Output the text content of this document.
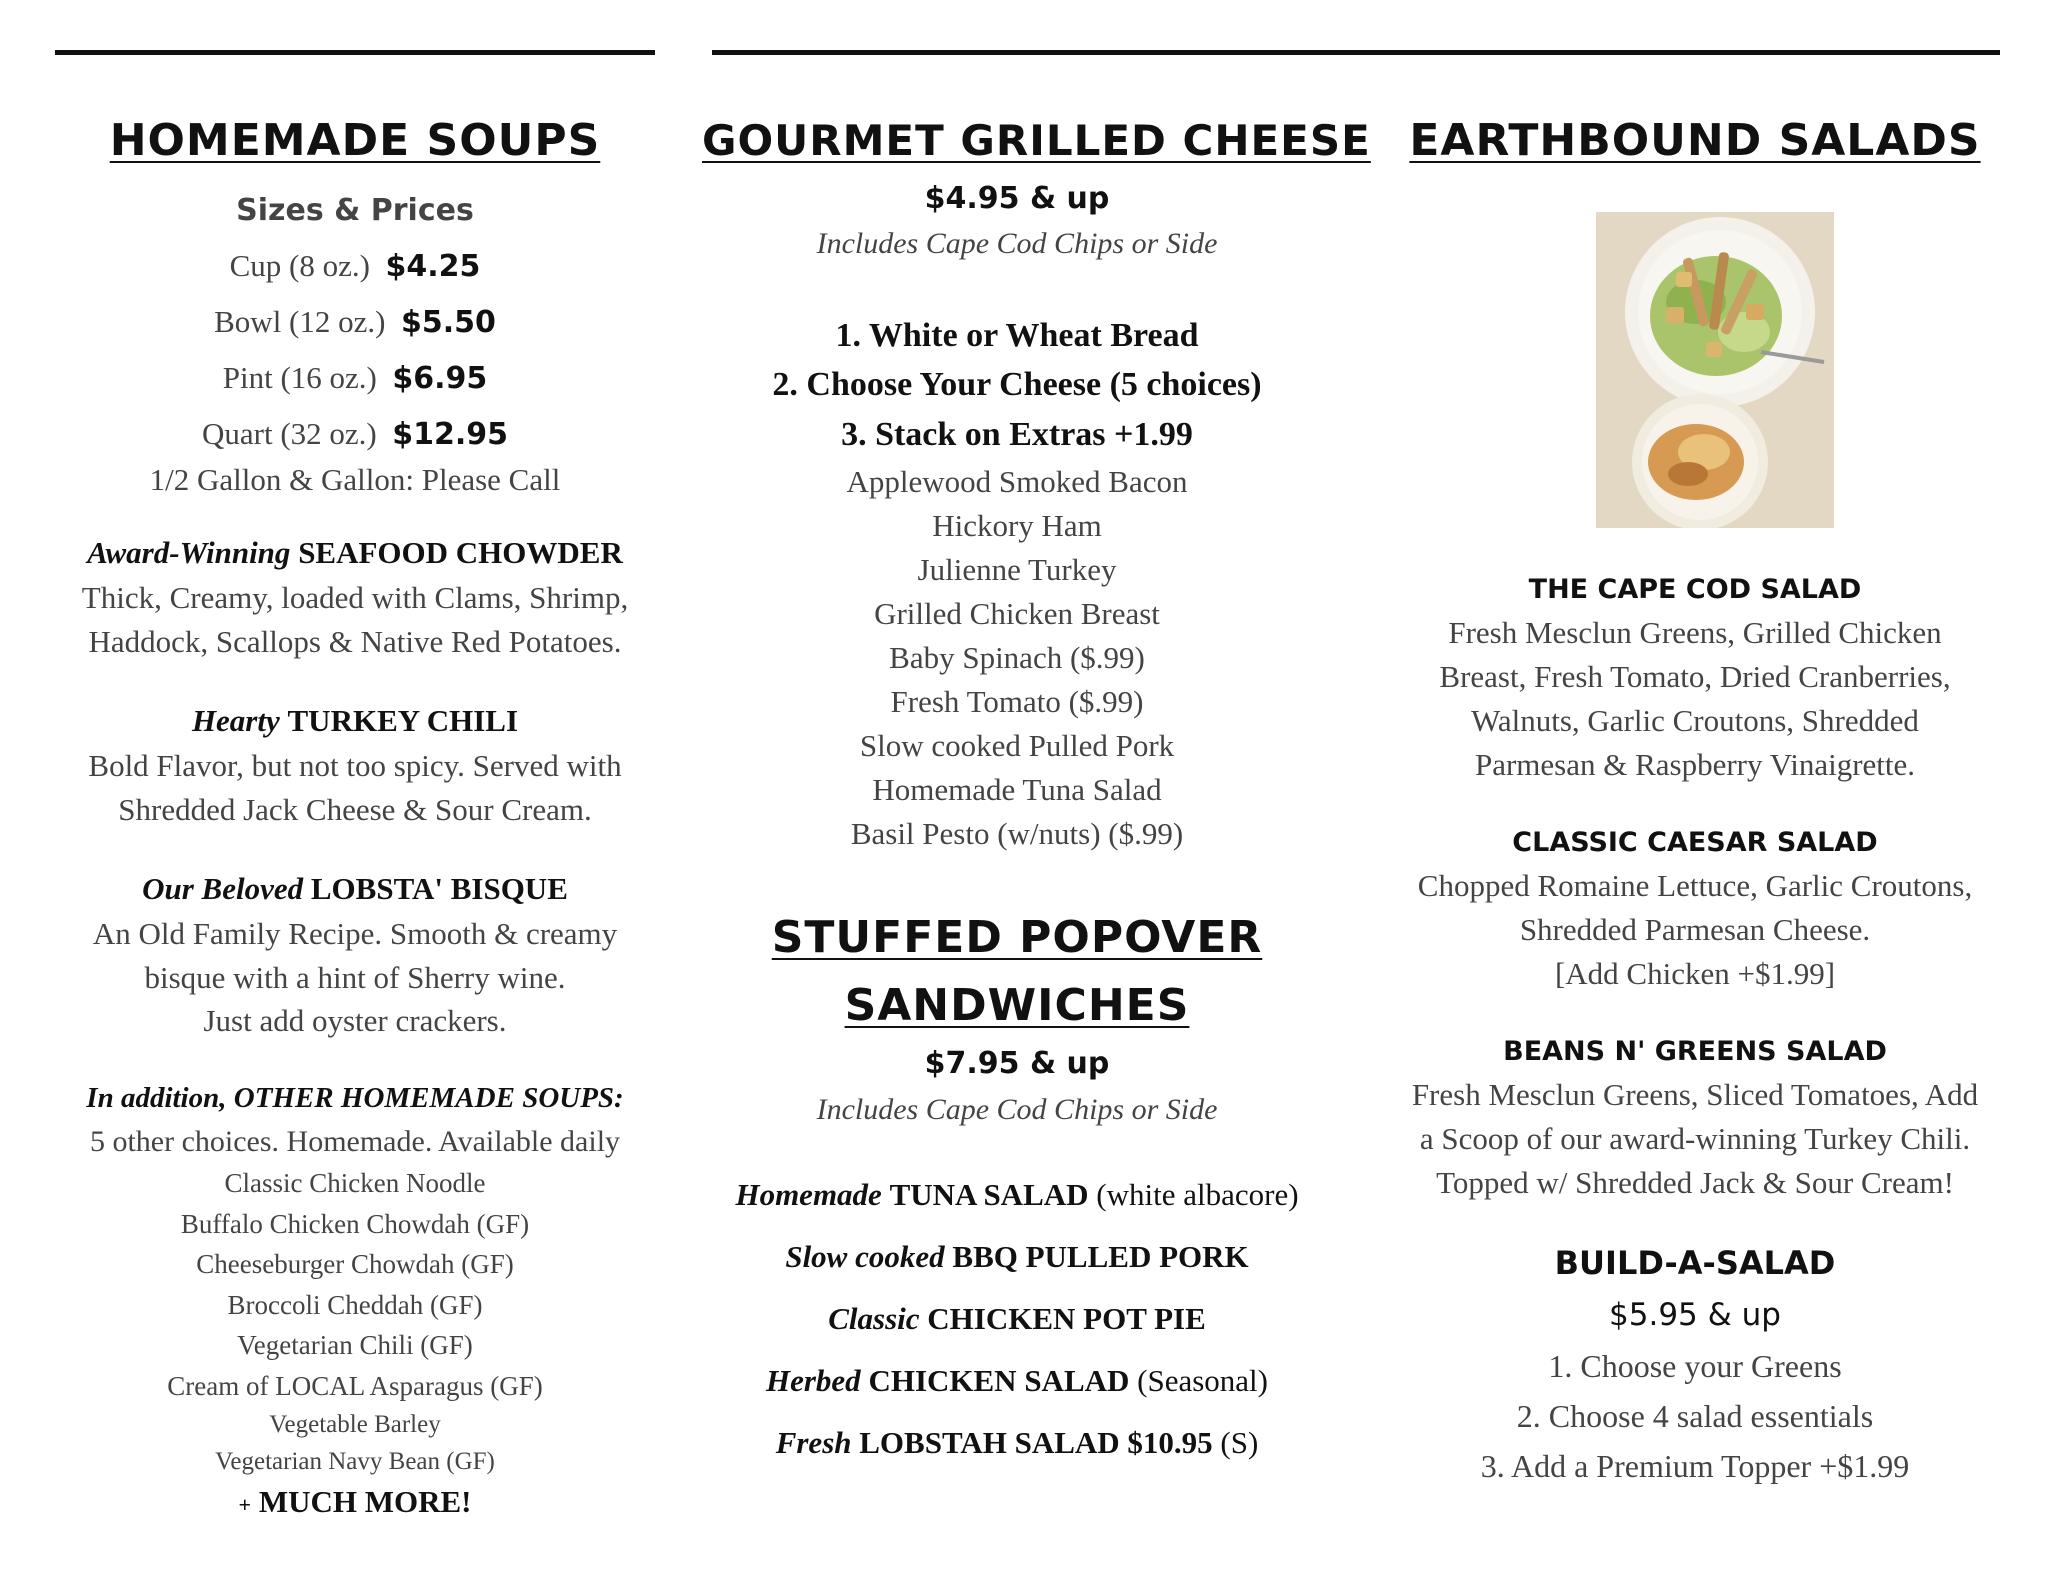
HOMEMADE SOUPS
Sizes & Prices
Cup (8 oz.) $4.25
Bowl (12 oz.) $5.50
Pint (16 oz.) $6.95
Quart (32 oz.) $12.95
1/2 Gallon & Gallon: Please Call
Award-Winning SEAFOOD CHOWDER
Thick, Creamy, loaded with Clams, Shrimp,
Haddock, Scallops & Native Red Potatoes.
Hearty TURKEY CHILI
Bold Flavor, but not too spicy. Served with
Shredded Jack Cheese & Sour Cream.
Our Beloved LOBSTA' BISQUE
An Old Family Recipe. Smooth & creamy
bisque with a hint of Sherry wine.
Just add oyster crackers.
In addition, OTHER HOMEMADE SOUPS:
5 other choices. Homemade. Available daily
Classic Chicken Noodle
Buffalo Chicken Chowdah (GF)
Cheeseburger Chowdah (GF)
Broccoli Cheddah (GF)
Vegetarian Chili (GF)
Cream of LOCAL Asparagus (GF)
Vegetable Barley
Vegetarian Navy Bean (GF)
+ MUCH MORE!
GOURMET GRILLED CHEESE
$4.95 & up
Includes Cape Cod Chips or Side
1. White or Wheat Bread
2. Choose Your Cheese (5 choices)
3. Stack on Extras +1.99
Applewood Smoked Bacon
Hickory Ham
Julienne Turkey
Grilled Chicken Breast
Baby Spinach ($.99)
Fresh Tomato ($.99)
Slow cooked Pulled Pork
Homemade Tuna Salad
Basil Pesto (w/nuts) ($.99)
STUFFED POPOVER
SANDWICHES
$7.95 & up
Includes Cape Cod Chips or Side
Homemade TUNA SALAD (white albacore)
Slow cooked BBQ PULLED PORK
Classic CHICKEN POT PIE
Herbed CHICKEN SALAD (Seasonal)
Fresh LOBSTAH SALAD $10.95 (S)
EARTHBOUND SALADS
THE CAPE COD SALAD
Fresh Mesclun Greens, Grilled Chicken
Breast, Fresh Tomato, Dried Cranberries,
Walnuts, Garlic Croutons, Shredded
Parmesan & Raspberry Vinaigrette.
CLASSIC CAESAR SALAD
Chopped Romaine Lettuce, Garlic Croutons,
Shredded Parmesan Cheese.
[Add Chicken +$1.99]
BEANS N' GREENS SALAD
Fresh Mesclun Greens, Sliced Tomatoes, Add
a Scoop of our award-winning Turkey Chili.
Topped w/ Shredded Jack & Sour Cream!
BUILD-A-SALAD
$5.95 & up
1. Choose your Greens
2. Choose 4 salad essentials
3. Add a Premium Topper +$1.99
